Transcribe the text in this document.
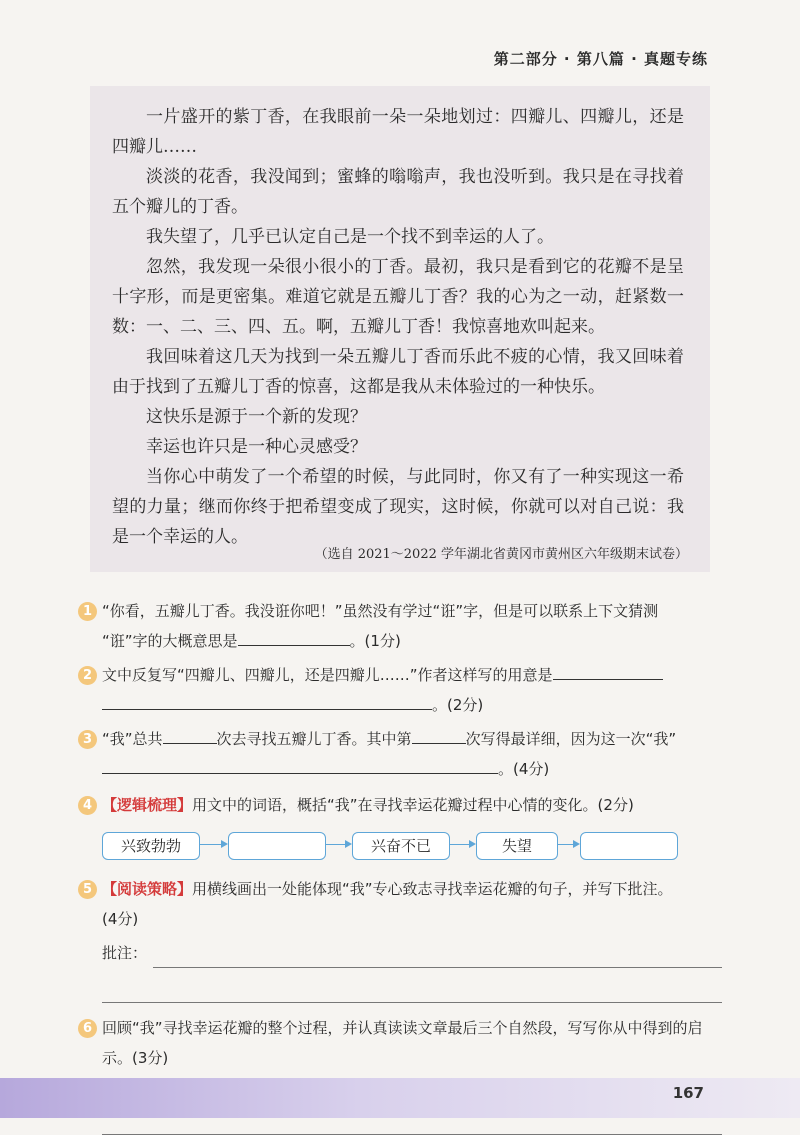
第二部分 · 第八篇 · 真题专练

一片盛开的紫丁香，在我眼前一朵一朵地划过：四瓣儿、四瓣儿，还是四瓣儿……

淡淡的花香，我没闻到；蜜蜂的嗡嗡声，我也没听到。我只是在寻找着五个瓣儿的丁香。

我失望了，几乎已认定自己是一个找不到幸运的人了。

忽然，我发现一朵很小很小的丁香。最初，我只是看到它的花瓣不是呈十字形，而是更密集。难道它就是五瓣儿丁香？我的心为之一动，赶紧数一数：一、二、三、四、五。啊，五瓣儿丁香！我惊喜地欢叫起来。

我回味着这几天为找到一朵五瓣儿丁香而乐此不疲的心情，我又回味着由于找到了五瓣儿丁香的惊喜，这都是我从未体验过的一种快乐。

这快乐是源于一个新的发现？

幸运也许只是一种心灵感受？

当你心中萌发了一个希望的时候，与此同时，你又有了一种实现这一希望的力量；继而你终于把希望变成了现实，这时候，你就可以对自己说：我是一个幸运的人。

（选自 2021～2022 学年湖北省黄冈市黄州区六年级期末试卷）
1 “你看，五瓣儿丁香。我没诳你吧！”虽然没有学过“诳”字，但是可以联系上下文猜测
“诳”字的大概意思是	。(1分)
2 文中反复写“四瓣儿、四瓣儿，还是四瓣儿……”作者这样写的用意是
。(2分)
3 “我”总共	次去寻找五瓣儿丁香。其中第	次写得最详细，因为这一次“我”
。(4分)
4 【逻辑梳理】用文中的词语，概括“我”在寻找幸运花瓣过程中心情的变化。(2分)
兴致勃勃	兴奋不已	失望
5 【阅读策略】用横线画出一处能体现“我”专心致志寻找幸运花瓣的句子，并写下批注。
(4分)
批注：
6 回顾“我”寻找幸运花瓣的整个过程，并认真读读文章最后三个自然段，写写你从中得到的启示。(3分)
167
